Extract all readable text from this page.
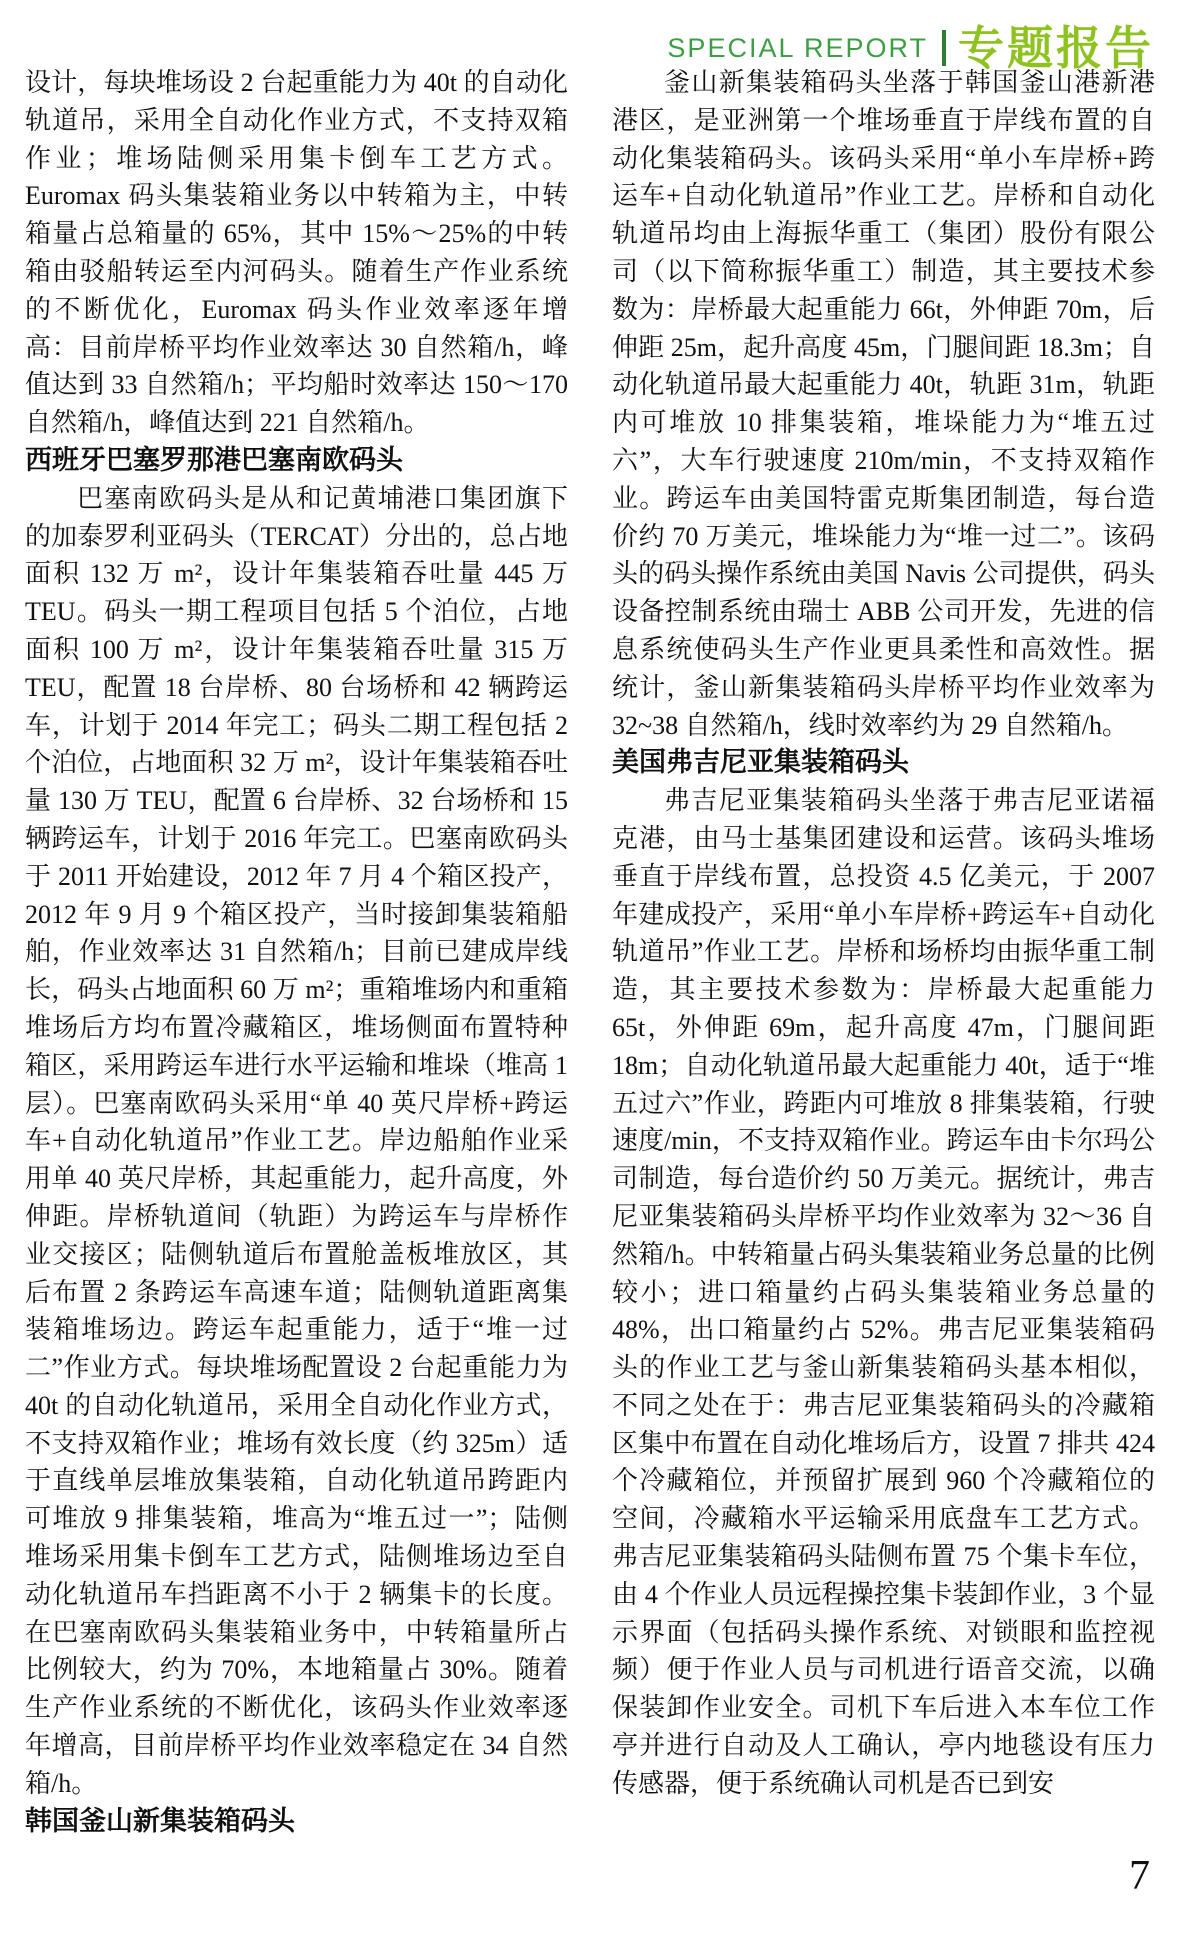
SPECIAL REPORT 专题报告

设计，每块堆场设 2 台起重能力为 40t 的自动化轨道吊，采用全自动化作业方式，不支持双箱作业；堆场陆侧采用集卡倒车工艺方式。Euromax 码头集装箱业务以中转箱为主，中转箱量占总箱量的 65%，其中 15%～25%的中转箱由驳船转运至内河码头。随着生产作业系统的不断优化，Euromax 码头作业效率逐年增高：目前岸桥平均作业效率达 30 自然箱/h，峰值达到 33 自然箱/h；平均船时效率达 150～170 自然箱/h，峰值达到 221 自然箱/h。

西班牙巴塞罗那港巴塞南欧码头

巴塞南欧码头是从和记黄埔港口集团旗下的加泰罗利亚码头（TERCAT）分出的，总占地面积 132 万 m²，设计年集装箱吞吐量 445 万 TEU。码头一期工程项目包括 5 个泊位，占地面积 100 万 m²，设计年集装箱吞吐量 315 万 TEU，配置 18 台岸桥、80 台场桥和 42 辆跨运车，计划于 2014 年完工；码头二期工程包括 2 个泊位，占地面积 32 万 m²，设计年集装箱吞吐量 130 万 TEU，配置 6 台岸桥、32 台场桥和 15 辆跨运车，计划于 2016 年完工。巴塞南欧码头于 2011 开始建设，2012 年 7 月 4 个箱区投产，2012 年 9 月 9 个箱区投产，当时接卸集装箱船舶，作业效率达 31 自然箱/h；目前已建成岸线长，码头占地面积 60 万 m²；重箱堆场内和重箱堆场后方均布置冷藏箱区，堆场侧面布置特种箱区，采用跨运车进行水平运输和堆垛（堆高 1 层）。巴塞南欧码头采用“单 40 英尺岸桥+跨运车+自动化轨道吊”作业工艺。岸边船舶作业采用单 40 英尺岸桥，其起重能力，起升高度，外伸距。岸桥轨道间（轨距）为跨运车与岸桥作业交接区；陆侧轨道后布置舱盖板堆放区，其后布置 2 条跨运车高速车道；陆侧轨道距离集装箱堆场边。跨运车起重能力，适于“堆一过二”作业方式。每块堆场配置设 2 台起重能力为 40t 的自动化轨道吊，采用全自动化作业方式，不支持双箱作业；堆场有效长度（约 325m）适于直线单层堆放集装箱，自动化轨道吊跨距内可堆放 9 排集装箱，堆高为“堆五过一”；陆侧堆场采用集卡倒车工艺方式，陆侧堆场边至自动化轨道吊车挡距离不小于 2 辆集卡的长度。在巴塞南欧码头集装箱业务中，中转箱量所占比例较大，约为 70%，本地箱量占 30%。随着生产作业系统的不断优化，该码头作业效率逐年增高，目前岸桥平均作业效率稳定在 34 自然箱/h。

韩国釜山新集装箱码头

釜山新集装箱码头坐落于韩国釜山港新港港区，是亚洲第一个堆场垂直于岸线布置的自动化集装箱码头。该码头采用“单小车岸桥+跨运车+自动化轨道吊”作业工艺。岸桥和自动化轨道吊均由上海振华重工（集团）股份有限公司（以下简称振华重工）制造，其主要技术参数为：岸桥最大起重能力 66t，外伸距 70m，后伸距 25m，起升高度 45m，门腿间距 18.3m；自动化轨道吊最大起重能力 40t，轨距 31m，轨距内可堆放 10 排集装箱，堆垛能力为“堆五过六”，大车行驶速度 210m/min，不支持双箱作业。跨运车由美国特雷克斯集团制造，每台造价约 70 万美元，堆垛能力为“堆一过二”。该码头的码头操作系统由美国 Navis 公司提供，码头设备控制系统由瑞士 ABB 公司开发，先进的信息系统使码头生产作业更具柔性和高效性。据统计，釜山新集装箱码头岸桥平均作业效率为 32~38 自然箱/h，线时效率约为 29 自然箱/h。

美国弗吉尼亚集装箱码头

弗吉尼亚集装箱码头坐落于弗吉尼亚诺福克港，由马士基集团建设和运营。该码头堆场垂直于岸线布置，总投资 4.5 亿美元，于 2007 年建成投产，采用“单小车岸桥+跨运车+自动化轨道吊”作业工艺。岸桥和场桥均由振华重工制造，其主要技术参数为：岸桥最大起重能力 65t，外伸距 69m，起升高度 47m，门腿间距 18m；自动化轨道吊最大起重能力 40t，适于“堆五过六”作业，跨距内可堆放 8 排集装箱，行驶速度/min，不支持双箱作业。跨运车由卡尔玛公司制造，每台造价约 50 万美元。据统计，弗吉尼亚集装箱码头岸桥平均作业效率为 32～36 自然箱/h。中转箱量占码头集装箱业务总量的比例较小；进口箱量约占码头集装箱业务总量的 48%，出口箱量约占 52%。弗吉尼亚集装箱码头的作业工艺与釜山新集装箱码头基本相似，不同之处在于：弗吉尼亚集装箱码头的冷藏箱区集中布置在自动化堆场后方，设置 7 排共 424 个冷藏箱位，并预留扩展到 960 个冷藏箱位的空间，冷藏箱水平运输采用底盘车工艺方式。弗吉尼亚集装箱码头陆侧布置 75 个集卡车位，由 4 个作业人员远程操控集卡装卸作业，3 个显示界面（包括码头操作系统、对锁眼和监控视频）便于作业人员与司机进行语音交流，以确保装卸作业安全。司机下车后进入本车位工作亭并进行自动及人工确认，亭内地毯设有压力传感器，便于系统确认司机是否已到安

7
